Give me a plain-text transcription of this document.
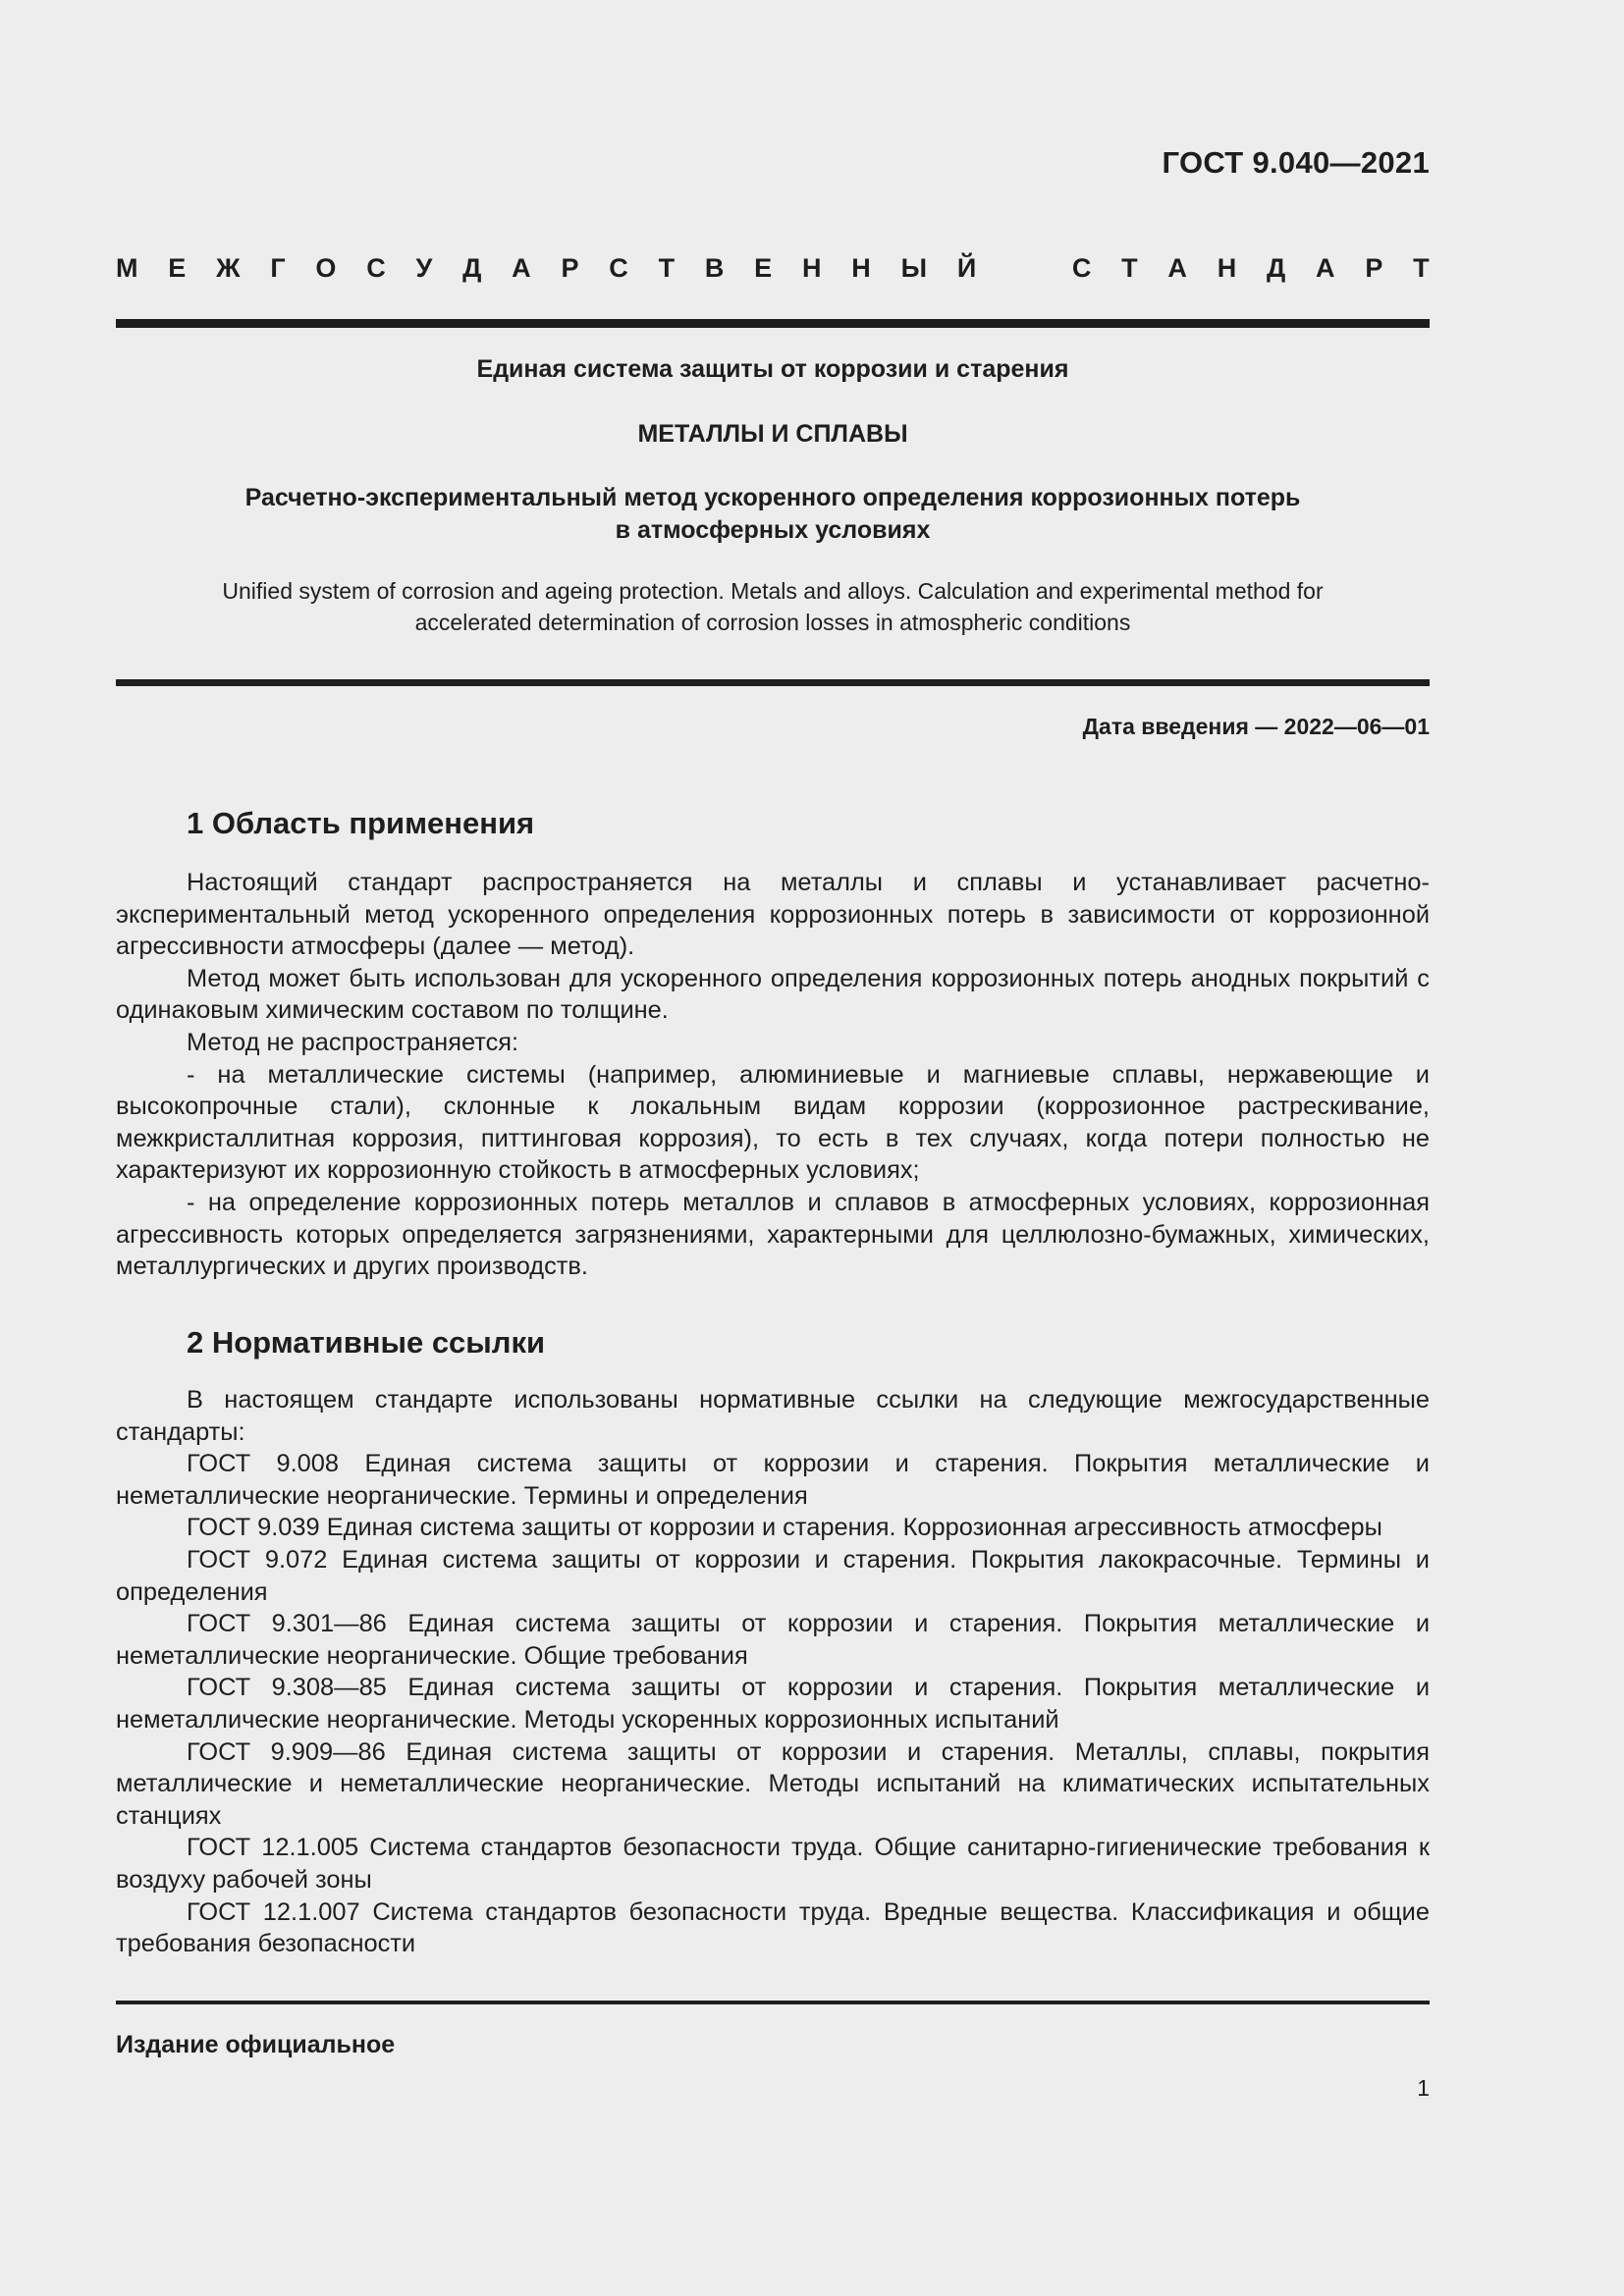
ГОСТ 9.040—2021
М Е Ж Г О С У Д А Р С Т В Е Н Н Ы Й	С Т А Н Д А Р Т
Единая система защиты от коррозии и старения
МЕТАЛЛЫ И СПЛАВЫ
Расчетно-экспериментальный метод ускоренного определения коррозионных потерь
в атмосферных условиях
Unified system of corrosion and ageing protection. Metals and alloys. Calculation and experimental method for
accelerated determination of corrosion losses in atmospheric conditions
Дата введения — 2022—06—01
1 Область применения

Настоящий стандарт распространяется на металлы и сплавы и устанавливает расчетно-экспериментальный метод ускоренного определения коррозионных потерь в зависимости от коррозионной агрессивности атмосферы (далее — метод).

Метод может быть использован для ускоренного определения коррозионных потерь анодных покрытий с одинаковым химическим составом по толщине.

Метод не распространяется:

- на металлические системы (например, алюминиевые и магниевые сплавы, нержавеющие и высокопрочные стали), склонные к локальным видам коррозии (коррозионное растрескивание, межкристаллитная коррозия, питтинговая коррозия), то есть в тех случаях, когда потери полностью не характеризуют их коррозионную стойкость в атмосферных условиях;

- на определение коррозионных потерь металлов и сплавов в атмосферных условиях, коррозионная агрессивность которых определяется загрязнениями, характерными для целлюлозно-бумажных, химических, металлургических и других производств.

2 Нормативные ссылки

В настоящем стандарте использованы нормативные ссылки на следующие межгосударственные стандарты:

ГОСТ 9.008 Единая система защиты от коррозии и старения. Покрытия металлические и неметаллические неорганические. Термины и определения

ГОСТ 9.039 Единая система защиты от коррозии и старения. Коррозионная агрессивность атмосферы

ГОСТ 9.072 Единая система защиты от коррозии и старения. Покрытия лакокрасочные. Термины и определения

ГОСТ 9.301—86 Единая система защиты от коррозии и старения. Покрытия металлические и неметаллические неорганические. Общие требования

ГОСТ 9.308—85 Единая система защиты от коррозии и старения. Покрытия металлические и неметаллические неорганические. Методы ускоренных коррозионных испытаний

ГОСТ 9.909—86 Единая система защиты от коррозии и старения. Металлы, сплавы, покрытия металлические и неметаллические неорганические. Методы испытаний на климатических испытательных станциях

ГОСТ 12.1.005 Система стандартов безопасности труда. Общие санитарно-гигиенические требования к воздуху рабочей зоны

ГОСТ 12.1.007 Система стандартов безопасности труда. Вредные вещества. Классификация и общие требования безопасности

Издание официальное
1
